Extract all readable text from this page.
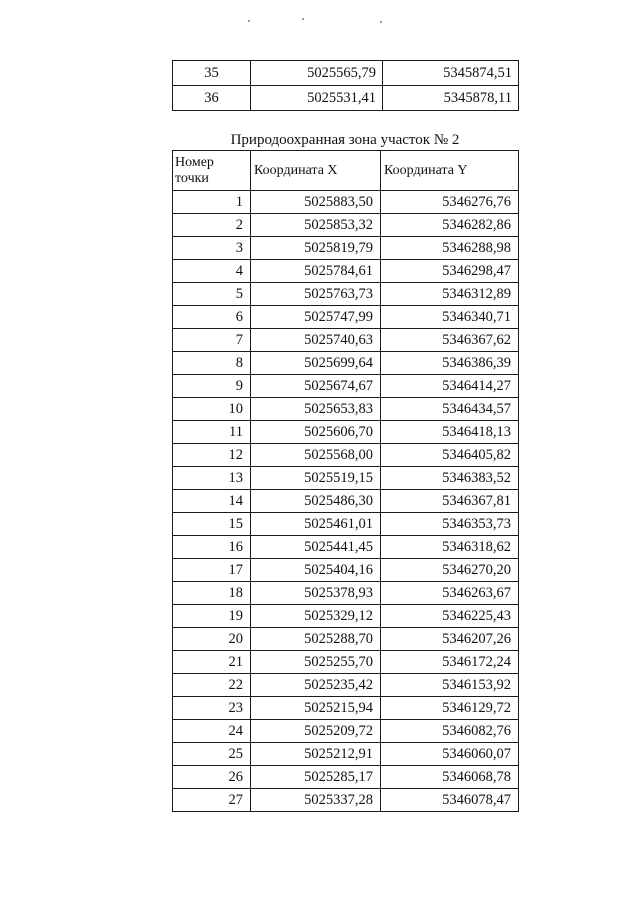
35	5025565,79	5345874,51
36	5025531,41	5345878,11
Природоохранная зона участок № 2
Номер
точки	Координата X	Координата Y
1	5025883,50	5346276,76
2	5025853,32	5346282,86
3	5025819,79	5346288,98
4	5025784,61	5346298,47
5	5025763,73	5346312,89
6	5025747,99	5346340,71
7	5025740,63	5346367,62
8	5025699,64	5346386,39
9	5025674,67	5346414,27
10	5025653,83	5346434,57
11	5025606,70	5346418,13
12	5025568,00	5346405,82
13	5025519,15	5346383,52
14	5025486,30	5346367,81
15	5025461,01	5346353,73
16	5025441,45	5346318,62
17	5025404,16	5346270,20
18	5025378,93	5346263,67
19	5025329,12	5346225,43
20	5025288,70	5346207,26
21	5025255,70	5346172,24
22	5025235,42	5346153,92
23	5025215,94	5346129,72
24	5025209,72	5346082,76
25	5025212,91	5346060,07
26	5025285,17	5346068,78
27	5025337,28	5346078,47
